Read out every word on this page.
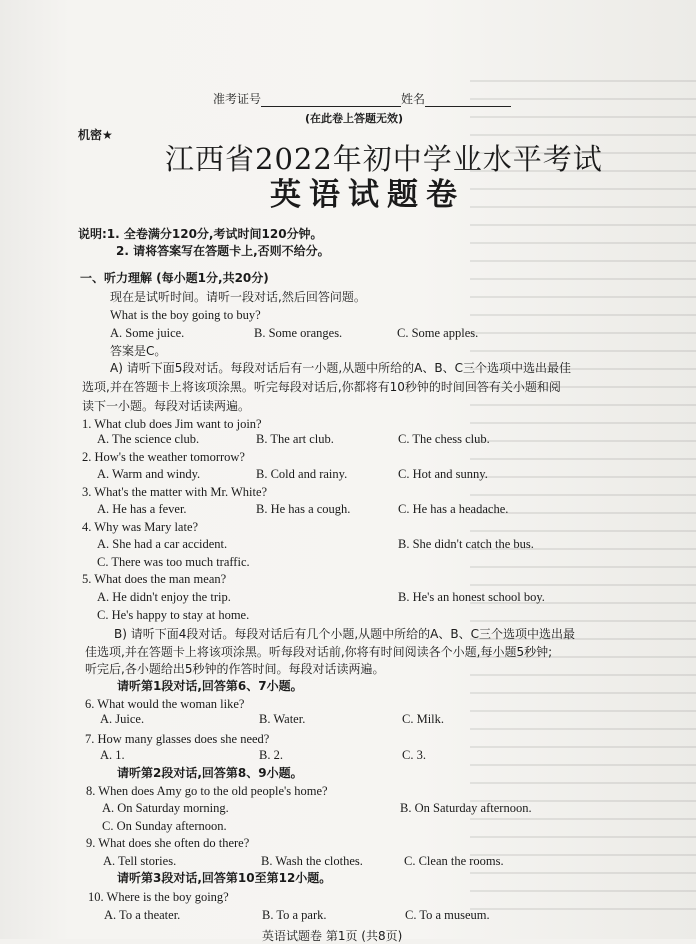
准考证号	姓名
(在此卷上答题无效)
机密★
江西省2022年初中学业水平考试
英语试题卷
说明:1. 全卷满分120分,考试时间120分钟。
2. 请将答案写在答题卡上,否则不给分。
一、听力理解 (每小题1分,共20分)
现在是试听时间。请听一段对话,然后回答问题。
What is the boy going to buy?
A. Some juice.	B. Some oranges.	C. Some apples.
答案是C。
A) 请听下面5段对话。每段对话后有一小题,从题中所给的A、B、C三个选项中选出最佳
选项,并在答题卡上将该项涂黑。听完每段对话后,你都将有10秒钟的时间回答有关小题和阅
读下一小题。每段对话读两遍。
1. What club does Jim want to join?
A. The science club.	B. The art club.	C. The chess club.
2. How's the weather tomorrow?
A. Warm and windy.	B. Cold and rainy.	C. Hot and sunny.
3. What's the matter with Mr. White?
A. He has a fever.	B. He has a cough.	C. He has a headache.
4. Why was Mary late?
A. She had a car accident.	B. She didn't catch the bus.
C. There was too much traffic.
5. What does the man mean?
A. He didn't enjoy the trip.	B. He's an honest school boy.
C. He's happy to stay at home.
B) 请听下面4段对话。每段对话后有几个小题,从题中所给的A、B、C三个选项中选出最
佳选项,并在答题卡上将该项涂黑。听每段对话前,你将有时间阅读各个小题,每小题5秒钟;
听完后,各小题给出5秒钟的作答时间。每段对话读两遍。
请听第1段对话,回答第6、7小题。
6. What would the woman like?
A. Juice.	B. Water.	C. Milk.
7. How many glasses does she need?
A. 1.	B. 2.	C. 3.
请听第2段对话,回答第8、9小题。
8. When does Amy go to the old people's home?
A. On Saturday morning.	B. On Saturday afternoon.
C. On Sunday afternoon.
9. What does she often do there?
A. Tell stories.	B. Wash the clothes.	C. Clean the rooms.
请听第3段对话,回答第10至第12小题。
10. Where is the boy going?
A. To a theater.	B. To a park.	C. To a museum.
英语试题卷 第1页 (共8页)
